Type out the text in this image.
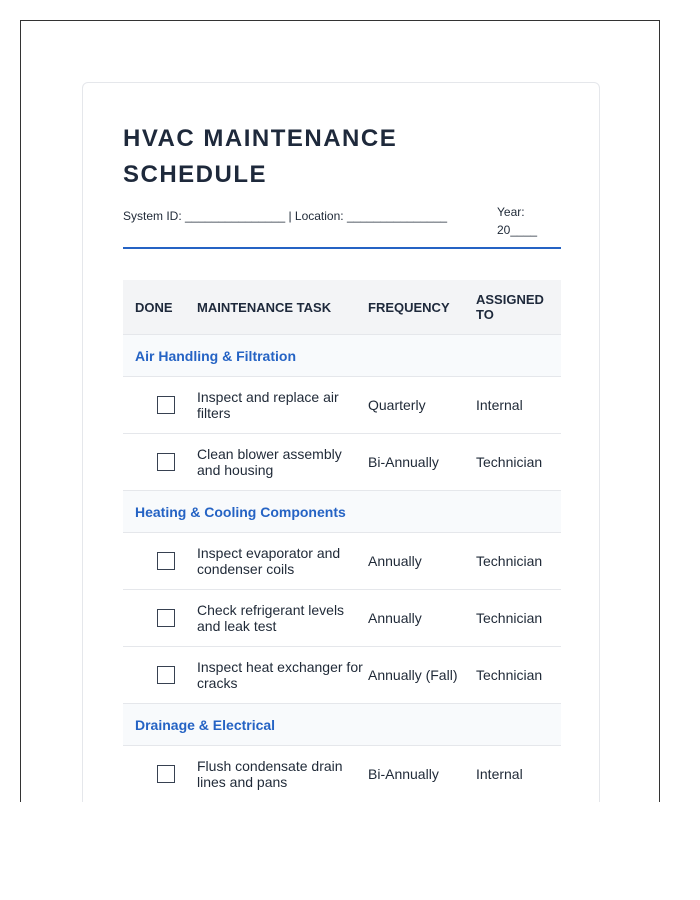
HVAC MAINTENANCE SCHEDULE
System ID: _______________ | Location: _______________	Year:
20____
DONE	MAINTENANCE TASK	FREQUENCY	ASSIGNED TO
Air Handling & Filtration
Inspect and replace air filters	Quarterly	Internal
Clean blower assembly and housing	Bi-Annually	Technician
Heating & Cooling Components
Inspect evaporator and condenser coils	Annually	Technician
Check refrigerant levels and leak test	Annually	Technician
Inspect heat exchanger for cracks	Annually (Fall)	Technician
Drainage & Electrical
Flush condensate drain lines and pans	Bi-Annually	Internal
